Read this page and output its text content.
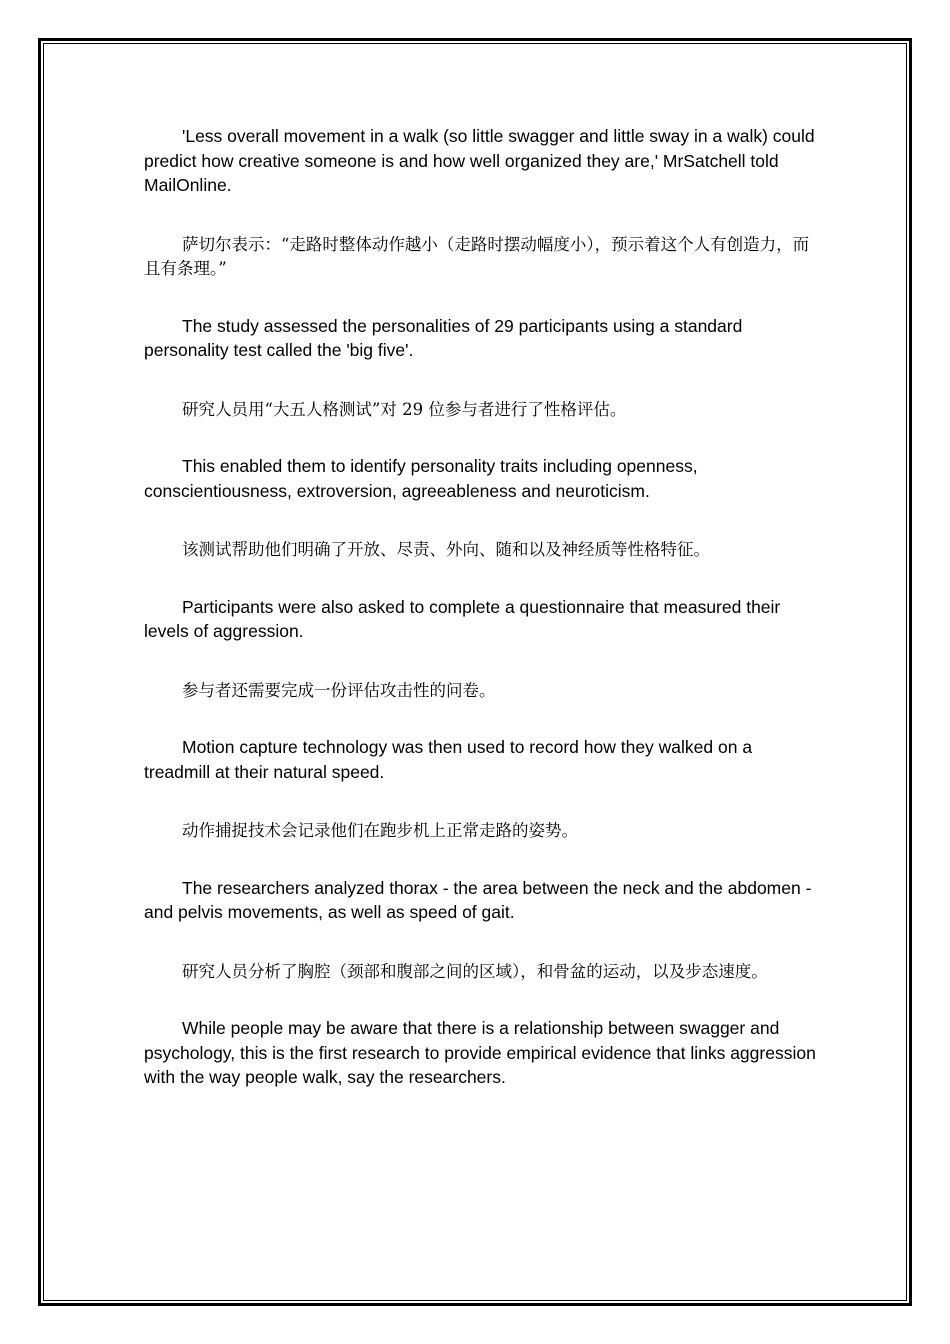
'Less overall movement in a walk (so little swagger and little sway in a walk) could predict how creative someone is and how well organized they are,' MrSatchell told MailOnline.

萨切尔表示：“走路时整体动作越小（走路时摆动幅度小），预示着这个人有创造力，而且有条理。”

The study assessed the personalities of 29 participants using a standard personality test called the 'big five'.

研究人员用“大五人格测试”对 29 位参与者进行了性格评估。

This enabled them to identify personality traits including openness, conscientiousness, extroversion, agreeableness and neuroticism.

该测试帮助他们明确了开放、尽责、外向、随和以及神经质等性格特征。

Participants were also asked to complete a questionnaire that measured their levels of aggression.

参与者还需要完成一份评估攻击性的问卷。

Motion capture technology was then used to record how they walked on a treadmill at their natural speed.

动作捕捉技术会记录他们在跑步机上正常走路的姿势。

The researchers analyzed thorax - the area between the neck and the abdomen - and pelvis movements, as well as speed of gait.

研究人员分析了胸腔（颈部和腹部之间的区域），和骨盆的运动，以及步态速度。

While people may be aware that there is a relationship between swagger and psychology, this is the first research to provide empirical evidence that links aggression with the way people walk, say the researchers.
